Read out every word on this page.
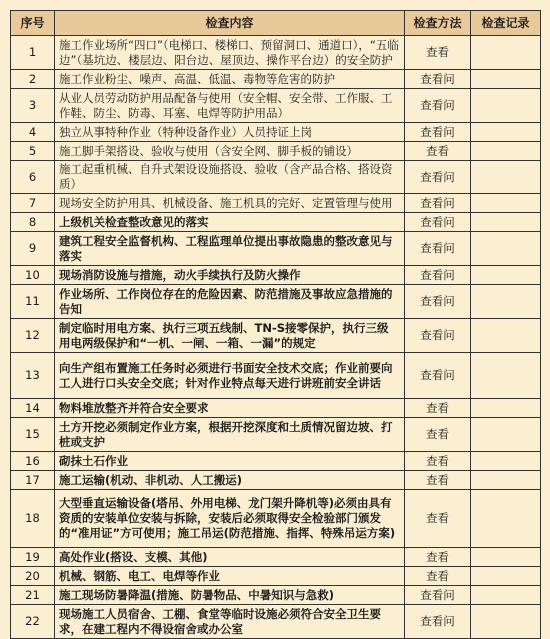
序号	检查内容	检查方法	检查记录
1	施工作业场所“四口”（电梯口、楼梯口、预留洞口、通道口），“五临边”（基坑边、楼层边、阳台边、屋顶边、操作平台边）的安全防护	查看	
2	施工作业粉尘、噪声、高温、低温、毒物等危害的防护	查看问	
3	从业人员劳动防护用品配备与使用（安全帽、安全带、工作服、工作鞋、防尘、防毒、耳塞、电焊等防护用品）	查看问	
4	独立从事特种作业（特种设备作业）人员持证上岗	查看问	
5	施工脚手架搭设、验收与使用（含安全网、脚手板的铺设）	查看	
6	施工起重机械、自升式架设设施搭设、验收（含产品合格、搭设资质）	查看问	
7	现场安全防护用具、机械设备、施工机具的完好、定置管理与使用	查看问	
8	上级机关检查整改意见的落实	查看问	
9	建筑工程安全监督机构、工程监理单位提出事故隐患的整改意见与落实	查看问	
10	现场消防设施与措施，动火手续执行及防火操作	查看问	
11	作业场所、工作岗位存在的危险因素、防范措施及事故应急措施的告知	查看问	
12	制定临时用电方案、执行三项五线制、TN-S接零保护，执行三级用电两级保护和“一机、一闸、一箱、一漏”的规定	查看问	
13	向生产组布置施工任务时必须进行书面安全技术交底；作业前要向工人进行口头安全交底；针对作业特点每天进行讲班前安全讲话	查看问	
14	物料堆放整齐并符合安全要求	查看	
15	土方开挖必须制定作业方案，根据开挖深度和土质情况留边坡、打桩或支护	查看	
16	砌抹土石作业	查看	
17	施工运输(机动、非机动、人工搬运)	查看	
18	大型垂直运输设备(塔吊、外用电梯、龙门架升降机等)必须由具有资质的安装单位安装与拆除，安装后必须取得安全检验部门颁发的“准用证”方可使用；施工吊运(防范措施、指挥、特殊吊运方案)	查看	
19	高处作业(搭设、支模、其他)	查看	
20	机械、钢筋、电工、电焊等作业	查看	
21	施工现场防暑降温(措施、防暑物品、中暑知识与急救)	查看问	
22	现场施工人员宿舍、工棚、食堂等临时设施必须符合安全卫生要求，在建工程内不得设宿舍或办公室	查看问	
